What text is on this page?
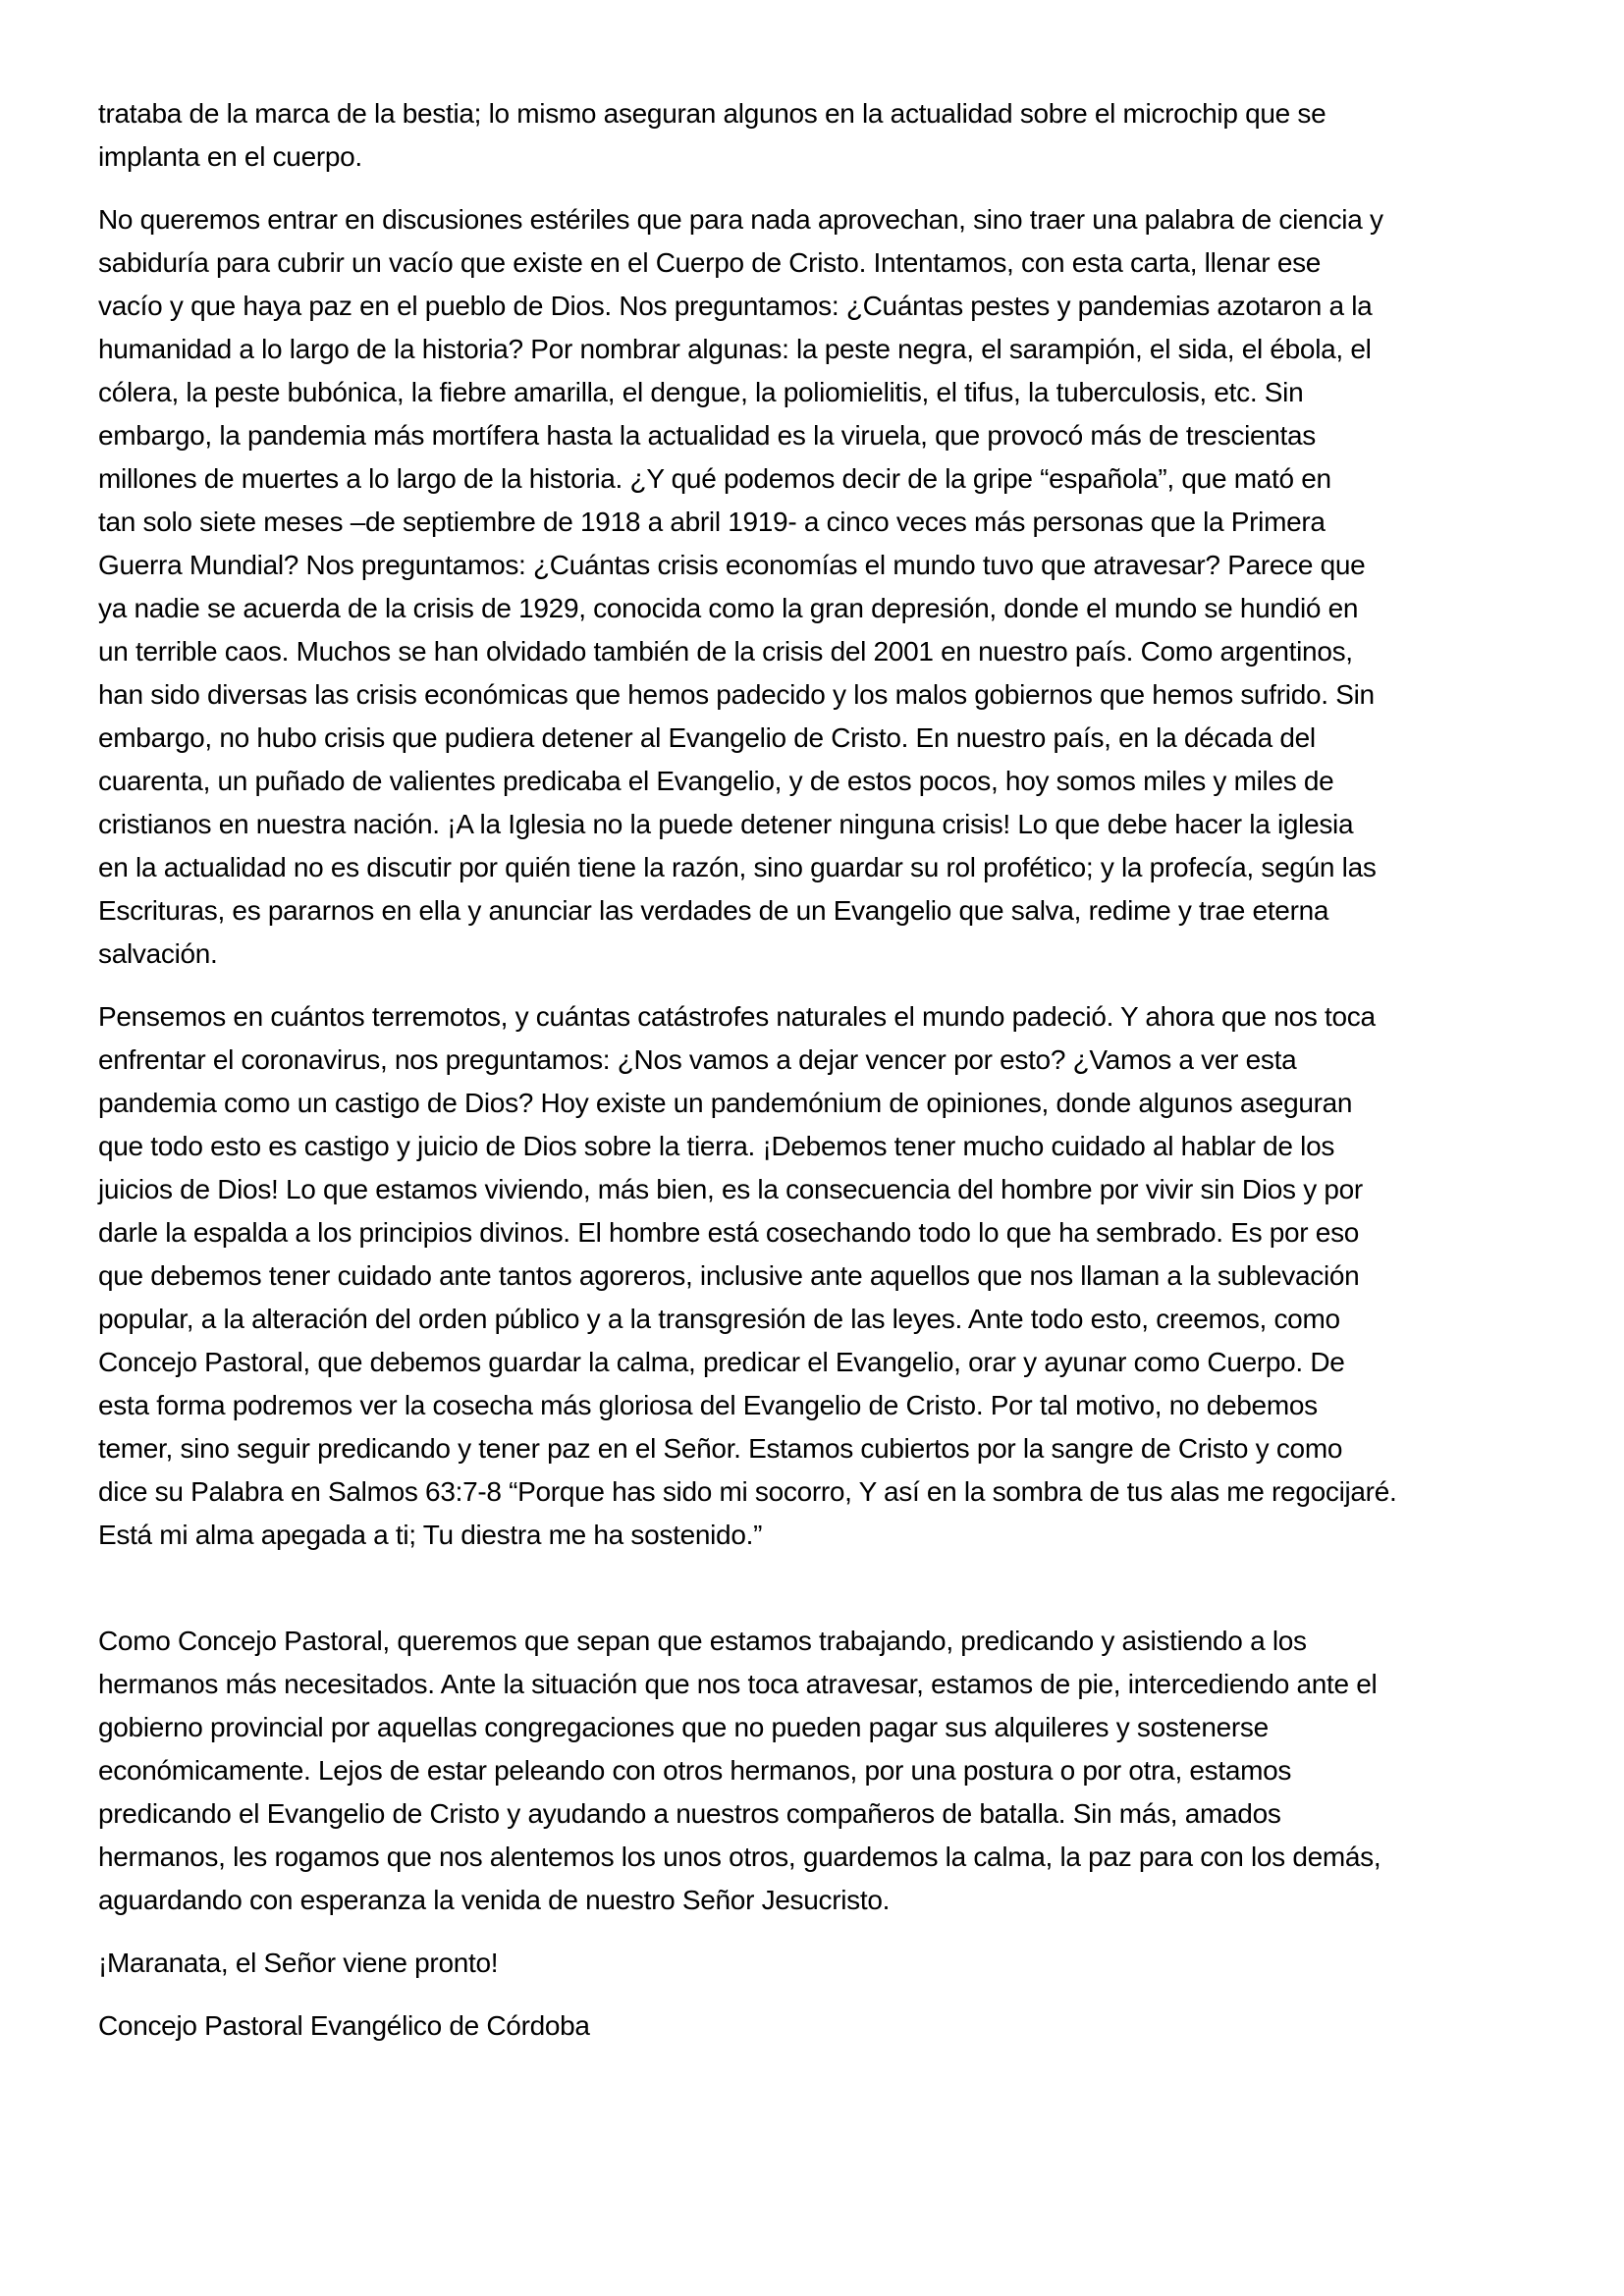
trataba de la marca de la bestia; lo mismo aseguran algunos en la actualidad sobre el microchip que se
implanta en el cuerpo.
No queremos entrar en discusiones estériles que para nada aprovechan, sino traer una palabra de ciencia y
sabiduría para cubrir un vacío que existe en el Cuerpo de Cristo. Intentamos, con esta carta, llenar ese
vacío y que haya paz en el pueblo de Dios. Nos preguntamos: ¿Cuántas pestes y pandemias azotaron a la
humanidad a lo largo de la historia? Por nombrar algunas: la peste negra, el sarampión, el sida, el ébola, el
cólera, la peste bubónica, la fiebre amarilla, el dengue, la poliomielitis, el tifus, la tuberculosis, etc. Sin
embargo, la pandemia más mortífera hasta la actualidad es la viruela, que provocó más de trescientas
millones de muertes a lo largo de la historia. ¿Y qué podemos decir de la gripe “española”, que mató en
tan solo siete meses –de septiembre de 1918 a abril 1919- a cinco veces más personas que la Primera
Guerra Mundial? Nos preguntamos: ¿Cuántas crisis economías el mundo tuvo que atravesar? Parece que
ya nadie se acuerda de la crisis de 1929, conocida como la gran depresión, donde el mundo se hundió en
un terrible caos. Muchos se han olvidado también de la crisis del 2001 en nuestro país. Como argentinos,
han sido diversas las crisis económicas que hemos padecido y los malos gobiernos que hemos sufrido. Sin
embargo, no hubo crisis que pudiera detener al Evangelio de Cristo. En nuestro país, en la década del
cuarenta, un puñado de valientes predicaba el Evangelio, y de estos pocos, hoy somos miles y miles de
cristianos en nuestra nación. ¡A la Iglesia no la puede detener ninguna crisis! Lo que debe hacer la iglesia
en la actualidad no es discutir por quién tiene la razón, sino guardar su rol profético; y la profecía, según las
Escrituras, es pararnos en ella y anunciar las verdades de un Evangelio que salva, redime y trae eterna
salvación.
Pensemos en cuántos terremotos, y cuántas catástrofes naturales el mundo padeció. Y ahora que nos toca
enfrentar el coronavirus, nos preguntamos: ¿Nos vamos a dejar vencer por esto? ¿Vamos a ver esta
pandemia como un castigo de Dios? Hoy existe un pandemónium de opiniones, donde algunos aseguran
que todo esto es castigo y juicio de Dios sobre la tierra. ¡Debemos tener mucho cuidado al hablar de los
juicios de Dios! Lo que estamos viviendo, más bien, es la consecuencia del hombre por vivir sin Dios y por
darle la espalda a los principios divinos. El hombre está cosechando todo lo que ha sembrado. Es por eso
que debemos tener cuidado ante tantos agoreros, inclusive ante aquellos que nos llaman a la sublevación
popular, a la alteración del orden público y a la transgresión de las leyes. Ante todo esto, creemos, como
Concejo Pastoral, que debemos guardar la calma, predicar el Evangelio, orar y ayunar como Cuerpo. De
esta forma podremos ver la cosecha más gloriosa del Evangelio de Cristo. Por tal motivo, no debemos
temer, sino seguir predicando y tener paz en el Señor. Estamos cubiertos por la sangre de Cristo y como
dice su Palabra en Salmos 63:7-8 “Porque has sido mi socorro, Y así en la sombra de tus alas me regocijaré.
Está mi alma apegada a ti; Tu diestra me ha sostenido.”
Como Concejo Pastoral, queremos que sepan que estamos trabajando, predicando y asistiendo a los
hermanos más necesitados. Ante la situación que nos toca atravesar, estamos de pie, intercediendo ante el
gobierno provincial por aquellas congregaciones que no pueden pagar sus alquileres y sostenerse
económicamente. Lejos de estar peleando con otros hermanos, por una postura o por otra, estamos
predicando el Evangelio de Cristo y ayudando a nuestros compañeros de batalla. Sin más, amados
hermanos, les rogamos que nos alentemos los unos otros, guardemos la calma, la paz para con los demás,
aguardando con esperanza la venida de nuestro Señor Jesucristo.
¡Maranata, el Señor viene pronto!
Concejo Pastoral Evangélico de Córdoba
